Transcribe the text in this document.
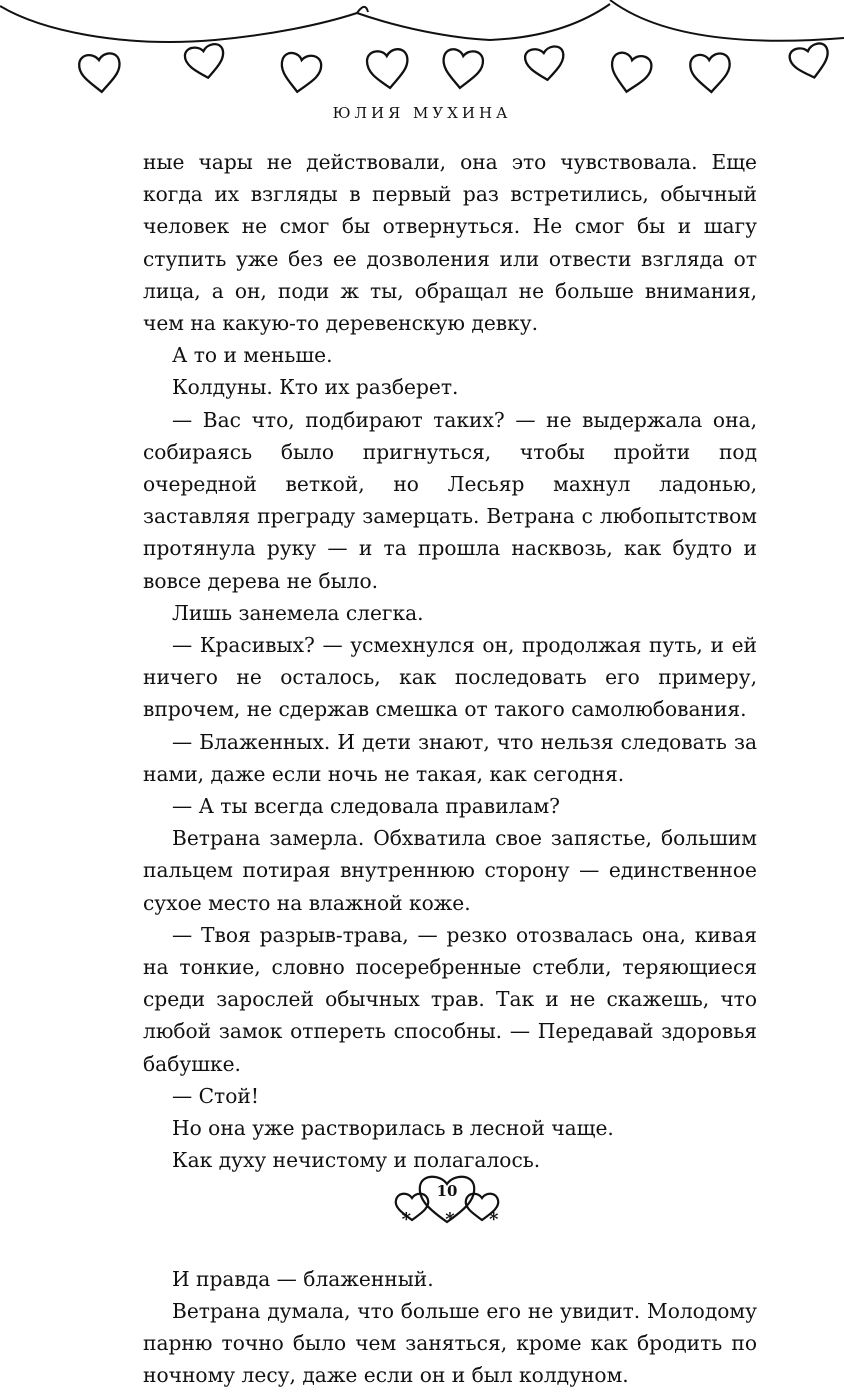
ЮЛИЯ МУХИНА

ные чары не действовали, она это чувствовала. Еще когда их взгляды в первый раз встретились, обычный человек не смог бы отвернуться. Не смог бы и шагу ступить уже без ее дозволения или отвести взгляда от лица, а он, поди ж ты, обращал не больше внимания, чем на какую-то деревенскую девку.

А то и меньше.

Колдуны. Кто их разберет.

— Вас что, подбирают таких? — не выдержала она, собираясь было пригнуться, чтобы пройти под очередной веткой, но Лесьяр махнул ладонью, заставляя преграду замерцать. Ветрана с любопытством протянула руку — и та прошла насквозь, как будто и вовсе дерева не было.

Лишь занемела слегка.

— Красивых? — усмехнулся он, продолжая путь, и ей ничего не осталось, как последовать его примеру, впрочем, не сдержав смешка от такого самолюбования.

— Блаженных. И дети знают, что нельзя следовать за нами, даже если ночь не такая, как сегодня.

— А ты всегда следовала правилам?

Ветрана замерла. Обхватила свое запястье, большим пальцем потирая внутреннюю сторону — единственное сухое место на влажной коже.

— Твоя разрыв-трава, — резко отозвалась она, кивая на тонкие, словно посеребренные стебли, теряющиеся среди зарослей обычных трав. Так и не скажешь, что любой замок отпереть способны. — Передавай здоровья бабушке.

— Стой!

Но она уже растворилась в лесной чаще.

Как духу нечистому и полагалось.

* * *

И правда — блаженный.

Ветрана думала, что больше его не увидит. Молодому парню точно было чем заняться, кроме как бродить по ночному лесу, даже если он и был колдуном.

10
